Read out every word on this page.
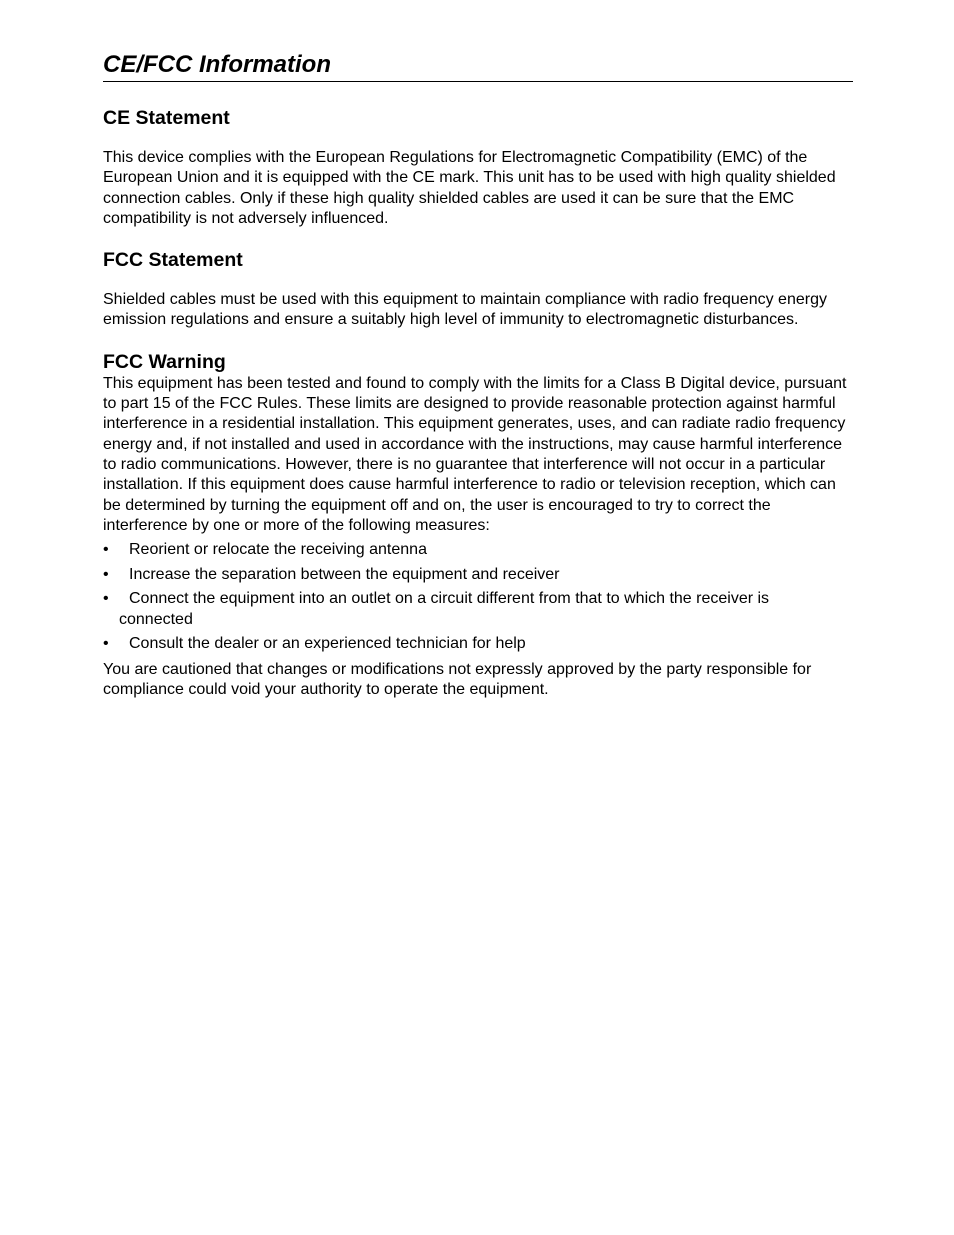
CE/FCC Information
CE Statement

This device complies with the European Regulations for Electromagnetic Compatibility (EMC) of the European Union and it is equipped with the CE mark. This unit has to be used with high quality shielded connection cables. Only if these high quality shielded cables are used it can be sure that the EMC compatibility is not adversely influenced.

FCC Statement

Shielded cables must be used with this equipment to maintain compliance with radio frequency energy emission regulations and ensure a suitably high level of immunity to electromagnetic disturbances.

FCC Warning

This equipment has been tested and found to comply with the limits for a Class B Digital device, pursuant to part 15 of the FCC Rules. These limits are designed to provide reasonable protection against harmful interference in a residential installation. This equipment generates, uses, and can radiate radio frequency energy and, if not installed and used in accordance with the instructions, may cause harmful interference to radio communications. However, there is no guarantee that interference will not occur in a particular installation. If this equipment does cause harmful interference to radio or television reception, which can be determined by turning the equipment off and on, the user is encouraged to try to correct the interference by one or more of the following measures:

• Reorient or relocate the receiving antenna
• Increase the separation between the equipment and receiver
• Connect the equipment into an outlet on a circuit different from that to which the receiver is
connected
• Consult the dealer or an experienced technician for help

You are cautioned that changes or modifications not expressly approved by the party responsible for compliance could void your authority to operate the equipment.
